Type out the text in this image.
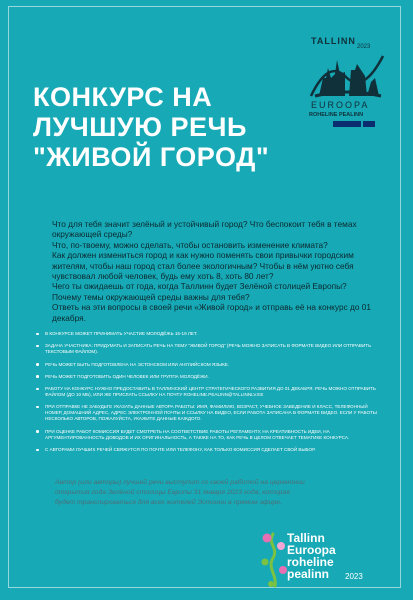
TALLINN
2023
EUROOPA
ROHELINE PEALINN
КОНКУРС НА
ЛУЧШУЮ РЕЧЬ
"ЖИВОЙ ГОРОД"

Что для тебя значит зелёный и устойчивый город? Что беспокоит тебя в темах окружающей среды?

Что, по-твоему, можно сделать, чтобы остановить изменение климата?

Как должен измениться город и как нужно поменять свои привычки городским жителям, чтобы наш город стал более экологичным? Чтобы в нём уютно себя чувствовал любой человек, будь ему хоть 8, хоть 80 лет?

Чего ты ожидаешь от года, когда Таллинн будет Зелёной столицей Европы?

Почему темы окружающей среды важны для тебя?

Ответь на эти вопросы в своей речи «Живой город» и отправь её на конкурс до 01 декабря.

В КОНКУРСЕ МОЖЕТ ПРИНИМАТЬ УЧАСТИЕ МОЛОДЁЖЬ 15-19 ЛЕТ.
ЗАДАЧА УЧАСТНИКА: ПРИДУМАТЬ И ЗАПИСАТЬ РЕЧЬ НА ТЕМУ "ЖИВОЙ ГОРОД" (РЕЧЬ МОЖНО ЗАПИСАТЬ В ФОРМАТЕ ВИДЕО ИЛИ ОТПРАВИТЬ ТЕКСТОВЫМ ФАЙЛОМ).
РЕЧЬ МОЖЕТ БЫТЬ ПОДГОТОВЛЕНА НА ЭСТОНСКОМ ИЛИ АНГЛИЙСКОМ ЯЗЫКЕ.
РЕЧЬ МОЖЕТ ПОДГОТОВИТЬ ОДИН ЧЕЛОВЕК ИЛИ ГРУППА МОЛОДЁЖИ.
РАБОТУ НА КОНКУРС НУЖНО ПРЕДОСТАВИТЬ В ТАЛЛИНСКИЙ ЦЕНТР СТРАТЕГИЧЕСКОГО РАЗВИТИЯ ДО 01 ДЕКАБРЯ. РЕЧЬ МОЖНО ОТПРАВИТЬ ФАЙЛОМ (ДО 10 МБ), ИЛИ ЖЕ ПРИСЛАТЬ ССЫЛКУ НА ПОЧТУ ROHELINE.PEALINN@TALLINNLV.EE
ПРИ ОТПРАВКЕ НЕ ЗАБУДЬТЕ УКАЗАТЬ ДАННЫЕ АВТОРА РАБОТЫ: ИМЯ, ФАМИЛИЮ, ВОЗРАСТ, УЧЕБНОЕ ЗАВЕДЕНИЕ И КЛАСС, ТЕЛЕФОННЫЙ НОМЕР, ДОМАШНИЙ АДРЕС, АДРЕС ЭЛЕКТРОННОЙ ПОЧТЫ И ССЫЛКУ НА ВИДЕО, ЕСЛИ РАБОТА ЗАПИСАНА В ФОРМАТЕ ВИДЕО. ЕСЛИ У РАБОТЫ НЕСКОЛЬКО АВТОРОВ, ПОЖАЛУЙСТА, УКАЖИТЕ ДАННЫЕ КАЖДОГО.
ПРИ ОЦЕНКЕ РАБОТ КОМИССИЯ БУДЕТ СМОТРЕТЬ НА СООТВЕТСТВИЕ РАБОТЫ РЕГЛАМЕНТУ, НА КРЕАТИВНОСТЬ ИДЕИ, НА АРГУМЕНТИРОВАННОСТЬ ДОВОДОВ И ИХ ОРИГИНАЛЬНОСТЬ, А ТАКЖЕ НА ТО, КАК РЕЧЬ В ЦЕЛОМ ОТВЕЧАЕТ ТЕМАТИКЕ КОНКУРСА.
С АВТОРАМИ ЛУЧШИХ РЕЧЕЙ СВЯЖУТСЯ ПО ПОЧТЕ ИЛИ ТЕЛЕФОНУ, КАК ТОЛЬКО КОМИССИЯ СДЕЛАЕТ СВОЙ ВЫБОР.
Автор (или авторы) лучшей речи выступит со своей работой на церемонии открытия года Зелёной столицы Европы 31 января 2023 года, которая будет транслироваться для всех жителей Эстонии в прямом эфире.
Tallinn
Euroopa
roheline
pealinn 2023
